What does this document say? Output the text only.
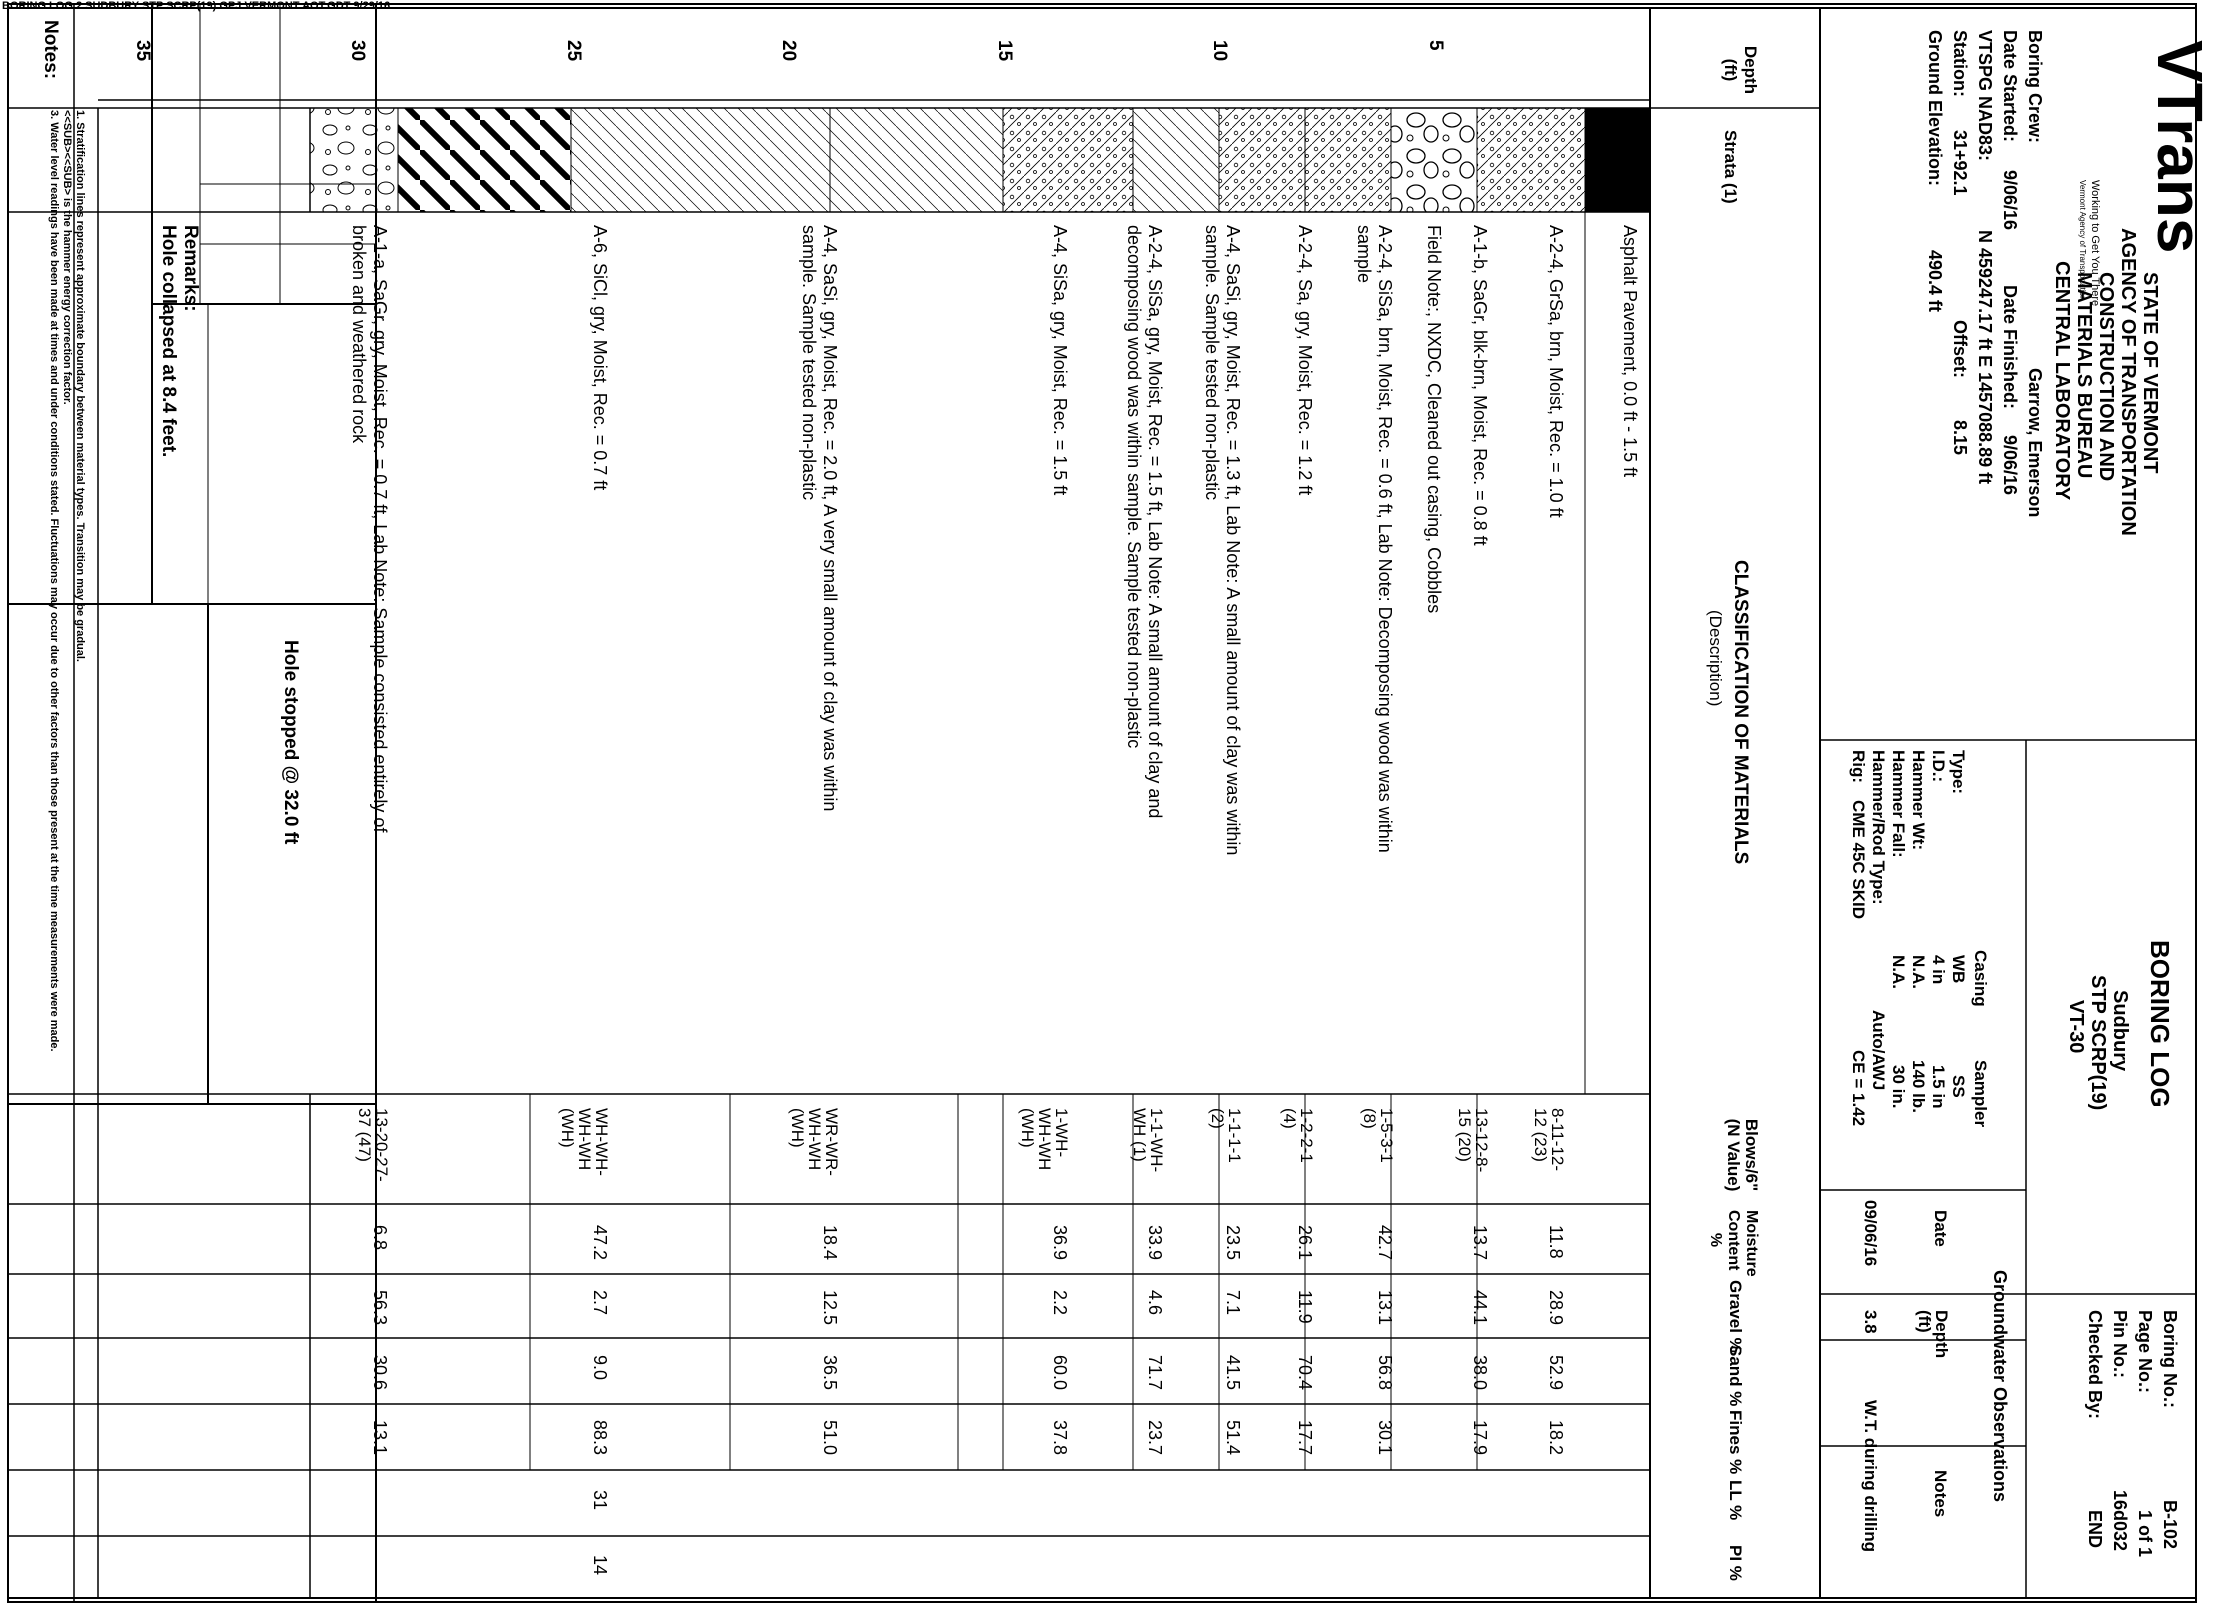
BORING LOG 2 SUDBURY STP SCRP(19).GPJ VERMONT AOT.GDT 9/29/16
STATE OF VERMONT
AGENCY OF TRANSPORTATION
CONSTRUCTION AND
MATERIALS BUREAU
CENTRAL LABORATORY
VTrans
Working to Get You There
Vermont Agency of Transportation
Boring Crew:
Garrow, Emerson
Date Started:
9/06/16
Date Finished:
9/06/16
VTSPG NAD83:
N 459247.17 ft E 1457088.89 ft
Station:
31+92.1
Offset:
8.15
Ground Elevation:
490.4 ft
BORING LOG
Sudbury
STP SCRP(19)
VT-30
Casing
Sampler
Type:
WB
SS
I.D.:
4 in
1.5 in
Hammer Wt:
N.A.
140 lb.
Hammer Fall:
N.A.
30 in.
Hammer/Rod Type:
Auto/AWJ
Rig:
CME 45C SKID
CE = 1.42
Boring No.:
B-102
Page No.:
1 of 1
Pin No.:
16d032
Checked By:
END
Groundwater Observations
Date
Depth (ft)
Notes
09/06/16
3.8
W.T. during drilling
Depth (ft)
Strata (1)
CLASSIFICATION OF MATERIALS
(Description)
Blows/6" (N Value)
Moisture Content %
Gravel %
Sand %
Fines %
LL %
PI %
5
10
15
20
25
30
35
Asphalt Pavement, 0.0 ft - 1.5 ft
A-2-4, GrSa, brn, Moist, Rec. = 1.0 ft
8-11-12-12 (23)
11.8
28.9
52.9
18.2
A-1-b, SaGr, blk-brn, Moist, Rec. = 0.8 ft
13-12-8-15 (20)
13.7
44.1
38.0
17.9
Field Note:, NXDC, Cleaned out casing, Cobbles
A-2-4, SiSa, brn, Moist, Rec. = 0.6 ft, Lab Note: Decomposing wood was within sample
1-5-3-1 (8)
42.7
13.1
56.8
30.1
A-2-4, Sa, gry, Moist, Rec. = 1.2 ft
1-2-2-1 (4)
26.1
11.9
70.4
17.7
A-4, SaSi, gry, Moist, Rec. = 1.3 ft, Lab Note: A small amount of clay was within sample. Sample tested non-plastic
1-1-1-1 (2)
23.5
7.1
41.5
51.4
A-2-4, SiSa, gry, Moist, Rec. = 1.5 ft, Lab Note: A small amount of clay and decomposing wood was within sample. Sample tested non-plastic
1-1-WH-WH (1)
33.9
4.6
71.7
23.7
A-4, SiSa, gry, Moist, Rec. = 1.5 ft
1-WH-WH-WH (WH)
36.9
2.2
60.0
37.8
A-4, SaSi, gry, Moist, Rec. = 2.0 ft, A very small amount of clay was within sample. Sample tested non-plastic
WR-WR-WH-WH (WH)
18.4
12.5
36.5
51.0
A-6, SiCl, gry, Moist, Rec. = 0.7 ft
WH-WH-WH-WH (WH)
47.2
2.7
9.0
88.3
31
14
A-1-a, SaGr, gry, Moist, Rec. = 0.7 ft, Lab Note: Sample consisted entirely of broken and weathered rock
13-20-27-37 (47)
6.8
56.3
30.6
13.1
Hole stopped @ 32.0 ft
Remarks:
Hole collapsed at 8.4 feet.
Notes:
1. Stratification lines represent approximate boundary between material types. Transition may be gradual.
<<SUB><<SUB> is the hammer energy correction factor.
3. Water level readings have been made at times and under conditions stated. Fluctuations may occur due to other factors than those present at the time measurements were made.
